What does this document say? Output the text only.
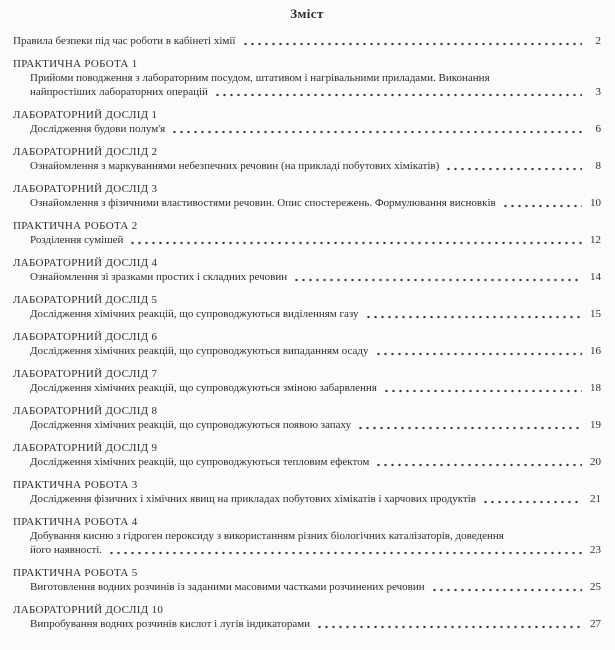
Зміст
Правила безпеки під час роботи в кабінеті хімії	2
ПРАКТИЧНА РОБОТА 1
Прийоми поводження з лабораторним посудом, штативом і нагрівальними приладами. Виконання
найпростіших лабораторних операцій	3
ЛАБОРАТОРНИЙ ДОСЛІД 1
Дослідження будови полум'я	6
ЛАБОРАТОРНИЙ ДОСЛІД 2
Ознайомлення з маркуваннями небезпечних речовин (на прикладі побутових хімікатів)	8
ЛАБОРАТОРНИЙ ДОСЛІД 3
Ознайомлення з фізичними властивостями речовин. Опис спостережень. Формулювання висновків	10
ПРАКТИЧНА РОБОТА 2
Розділення сумішей	12
ЛАБОРАТОРНИЙ ДОСЛІД 4
Ознайомлення зі зразками простих і складних речовин	14
ЛАБОРАТОРНИЙ ДОСЛІД 5
Дослідження хімічних реакцій, що супроводжуються виділенням газу	15
ЛАБОРАТОРНИЙ ДОСЛІД 6
Дослідження хімічних реакцій, що супроводжуються випаданням осаду	16
ЛАБОРАТОРНИЙ ДОСЛІД 7
Дослідження хімічних реакцій, що супроводжуються зміною забарвлення	18
ЛАБОРАТОРНИЙ ДОСЛІД 8
Дослідження хімічних реакцій, що супроводжуються появою запаху	19
ЛАБОРАТОРНИЙ ДОСЛІД 9
Дослідження хімічних реакцій, що супроводжуються тепловим ефектом	20
ПРАКТИЧНА РОБОТА 3
Дослідження фізичних і хімічних явищ на прикладах побутових хімікатів і харчових продуктів	21
ПРАКТИЧНА РОБОТА 4
Добування кисню з гідроген пероксиду з використанням різних біологічних каталізаторів, доведення
його наявності.	23
ПРАКТИЧНА РОБОТА 5
Виготовлення водних розчинів із заданими масовими частками розчинених речовин	25
ЛАБОРАТОРНИЙ ДОСЛІД 10
Випробування водних розчинів кислот і лугів індикаторами	27
